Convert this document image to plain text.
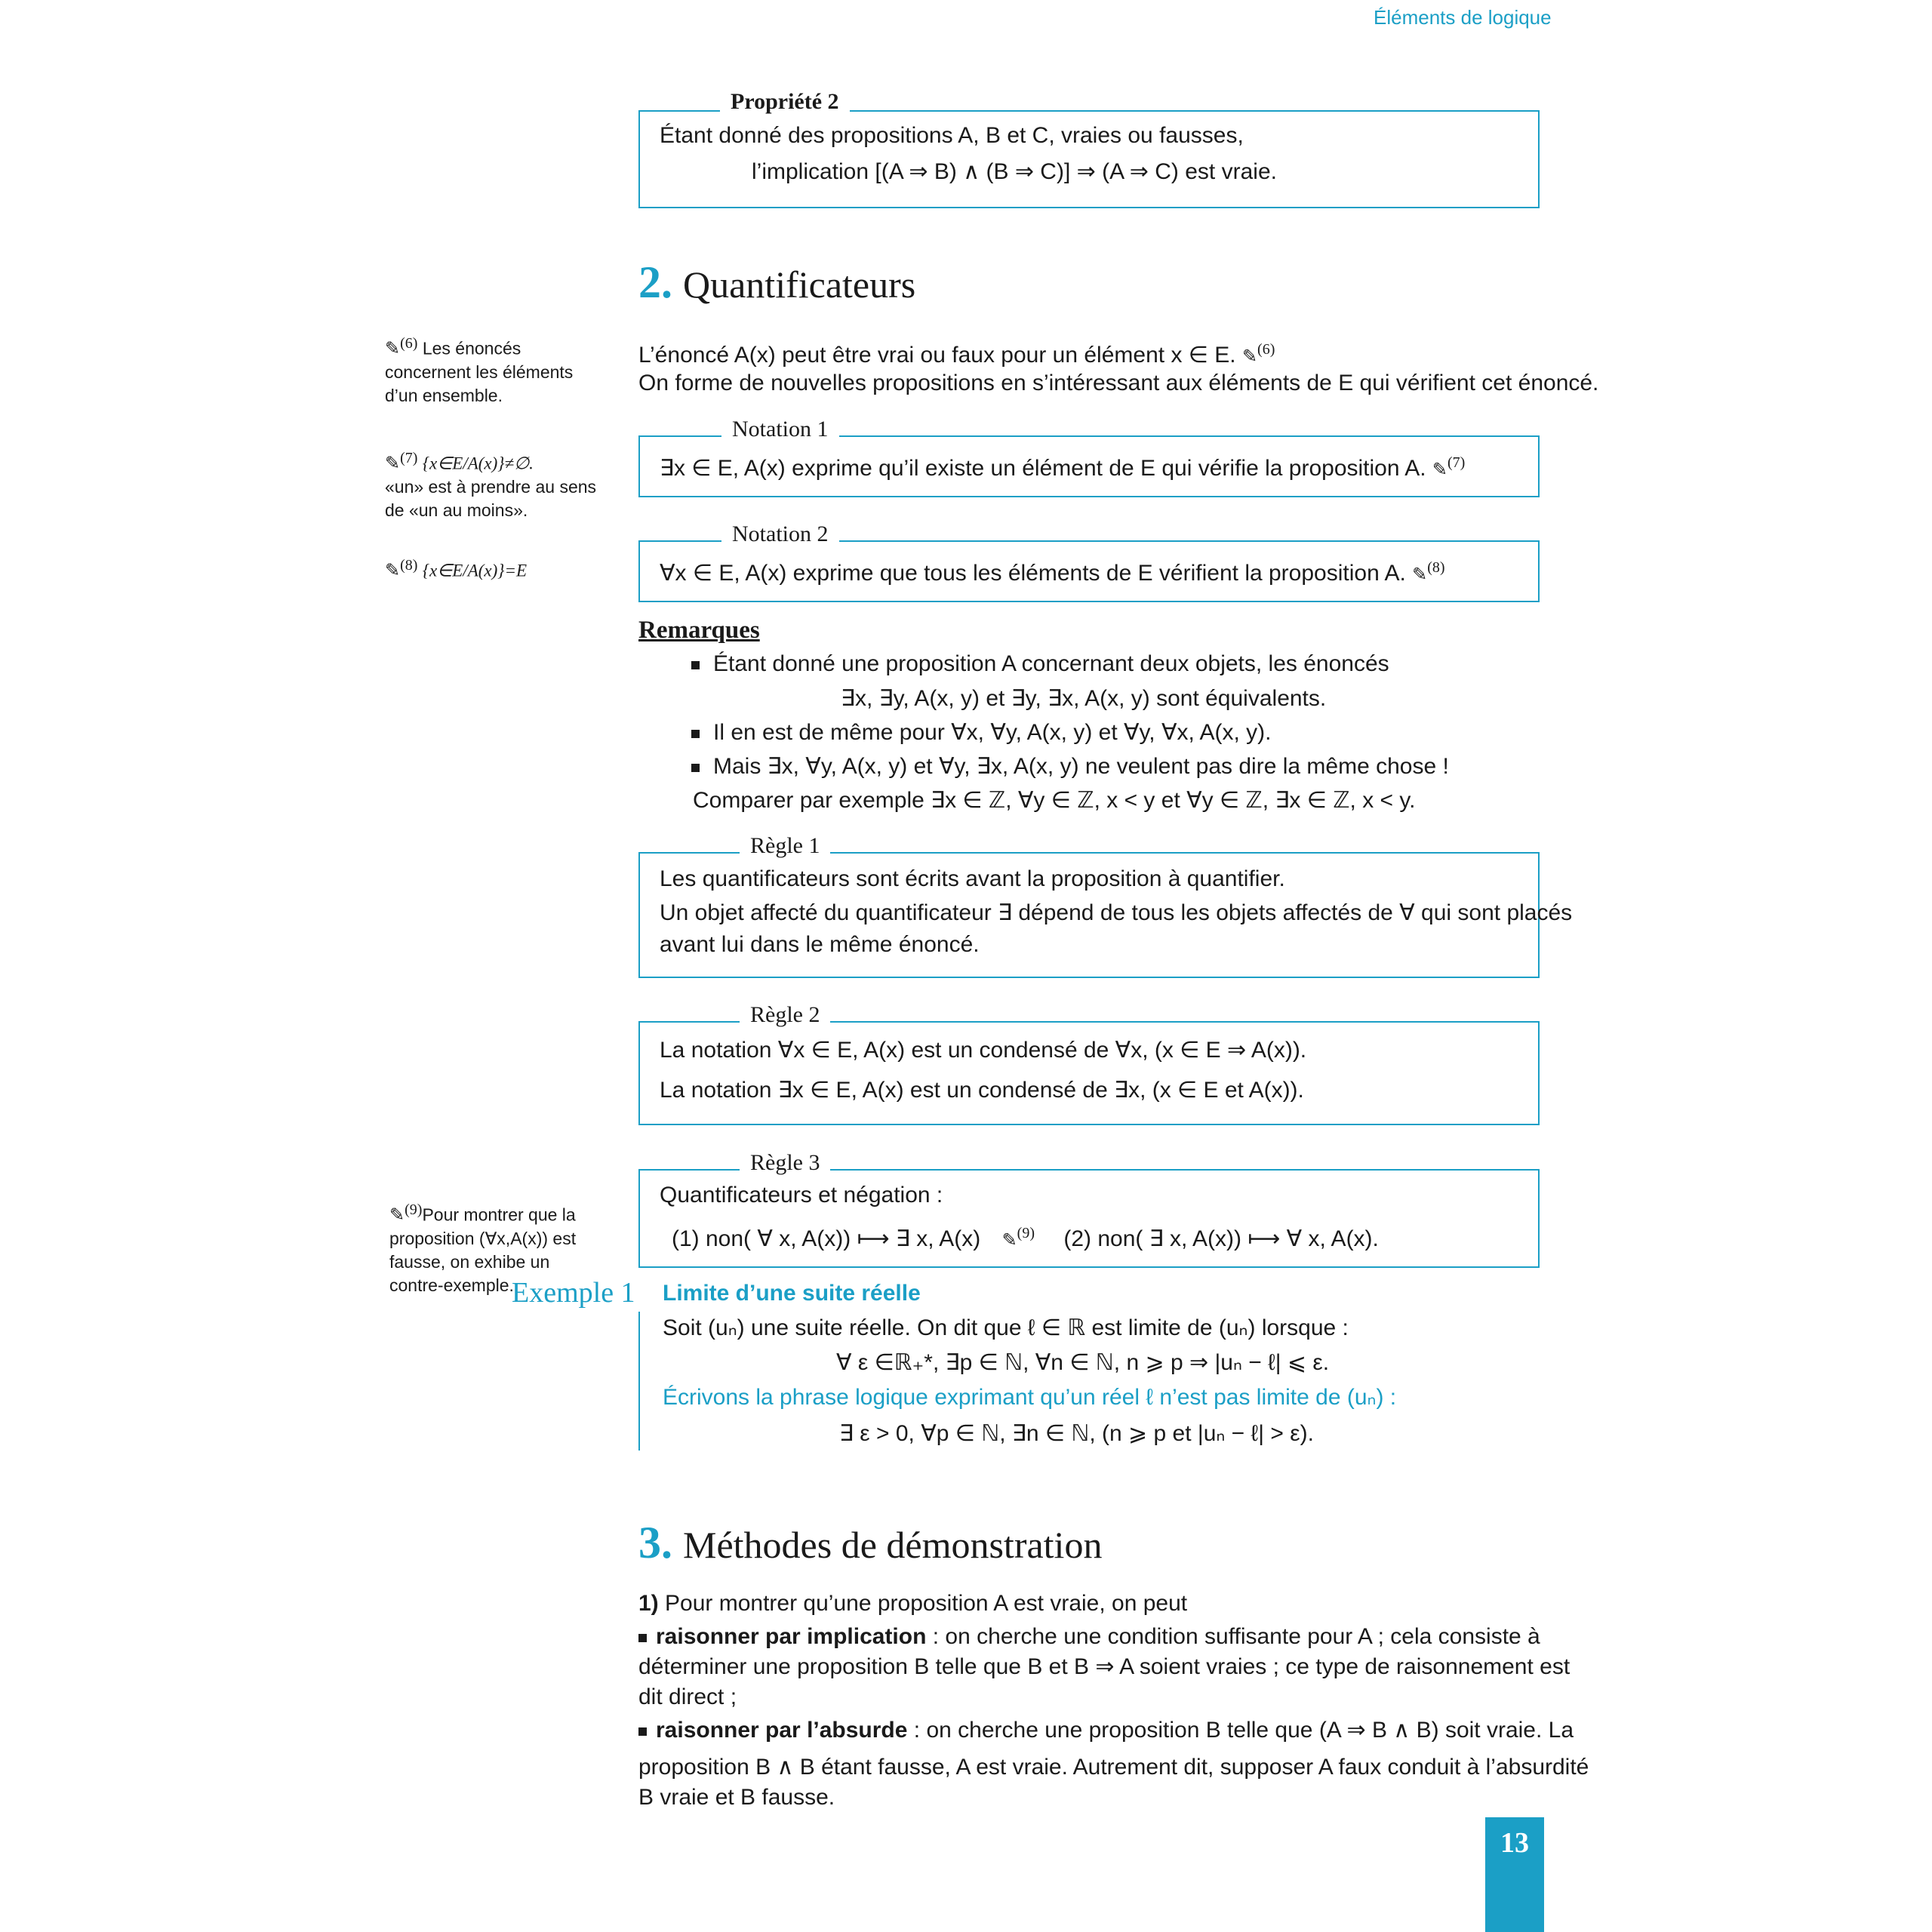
Éléments de logique
Propriété 2
Étant donné des propositions A, B et C, vraies ou fausses,
l’implication [(A ⇒ B) ∧ (B ⇒ C)] ⇒ (A ⇒ C) est vraie.
2. Quantificateurs
L’énoncé A(x) peut être vrai ou faux pour un élément x ∈ E. ✎$^{(6)}$
On forme de nouvelles propositions en s’intéressant aux éléments de E qui vérifient cet énoncé.
✎(6) Les énoncés concernent les éléments d’un ensemble.
✎(7) {x∈E/A(x)}≠∅.
«un» est à prendre au sens de «un au moins».
✎(8) {x∈E/A(x)}=E
✎(9)Pour montrer que la proposition (∀x,A(x)) est fausse, on exhibe un contre-exemple.
Notation 1
∃x ∈ E, A(x) exprime qu’il existe un élément de E qui vérifie la proposition A. ✎$^{(7)}$
Notation 2
∀x ∈ E, A(x) exprime que tous les éléments de E vérifient la proposition A. ✎$^{(8)}$
Remarques
Étant donné une proposition A concernant deux objets, les énoncés
∃x, ∃y, A(x, y) et ∃y, ∃x, A(x, y) sont équivalents.
Il en est de même pour ∀x, ∀y, A(x, y) et ∀y, ∀x, A(x, y).
Mais ∃x, ∀y, A(x, y) et ∀y, ∃x, A(x, y) ne veulent pas dire la même chose !
Comparer par exemple ∃x ∈ ℤ, ∀y ∈ ℤ, x < y et ∀y ∈ ℤ, ∃x ∈ ℤ, x < y.
Règle 1
Les quantificateurs sont écrits avant la proposition à quantifier.
Un objet affecté du quantificateur ∃ dépend de tous les objets affectés de ∀ qui sont placés
avant lui dans le même énoncé.
Règle 2
La notation ∀x ∈ E, A(x) est un condensé de ∀x, (x ∈ E ⇒ A(x)).
La notation ∃x ∈ E, A(x) est un condensé de ∃x, (x ∈ E et A(x)).
Règle 3
Quantificateurs et négation :
(1) non( ∀ x, A(x)) ⟼ ∃ x, A(x) ✎$^{(9)}$ (2) non( ∃ x, A(x)) ⟼ ∀ x, A(x).
Exemple 1 Limite d’une suite réelle
Soit (uₙ) une suite réelle. On dit que ℓ ∈ ℝ est limite de (uₙ) lorsque :
∀ ε ∈ℝ₊*, ∃p ∈ ℕ, ∀n ∈ ℕ, n ⩾ p ⇒ |uₙ − ℓ| ⩽ ε.
Écrivons la phrase logique exprimant qu’un réel ℓ n’est pas limite de (uₙ) :
∃ ε > 0, ∀p ∈ ℕ, ∃n ∈ ℕ, (n ⩾ p et |uₙ − ℓ| > ε).
3. Méthodes de démonstration
1) Pour montrer qu’une proposition A est vraie, on peut
raisonner par implication : on cherche une condition suffisante pour A ; cela consiste à
déterminer une proposition B telle que B et B ⇒ A soient vraies ; ce type de raisonnement est
dit direct ;
raisonner par l’absurde : on cherche une proposition B telle que (A ⇒ B ∧ B) soit vraie. La
proposition B ∧ B étant fausse, A est vraie. Autrement dit, supposer A faux conduit à l’absurdité
B vraie et B fausse.
13
